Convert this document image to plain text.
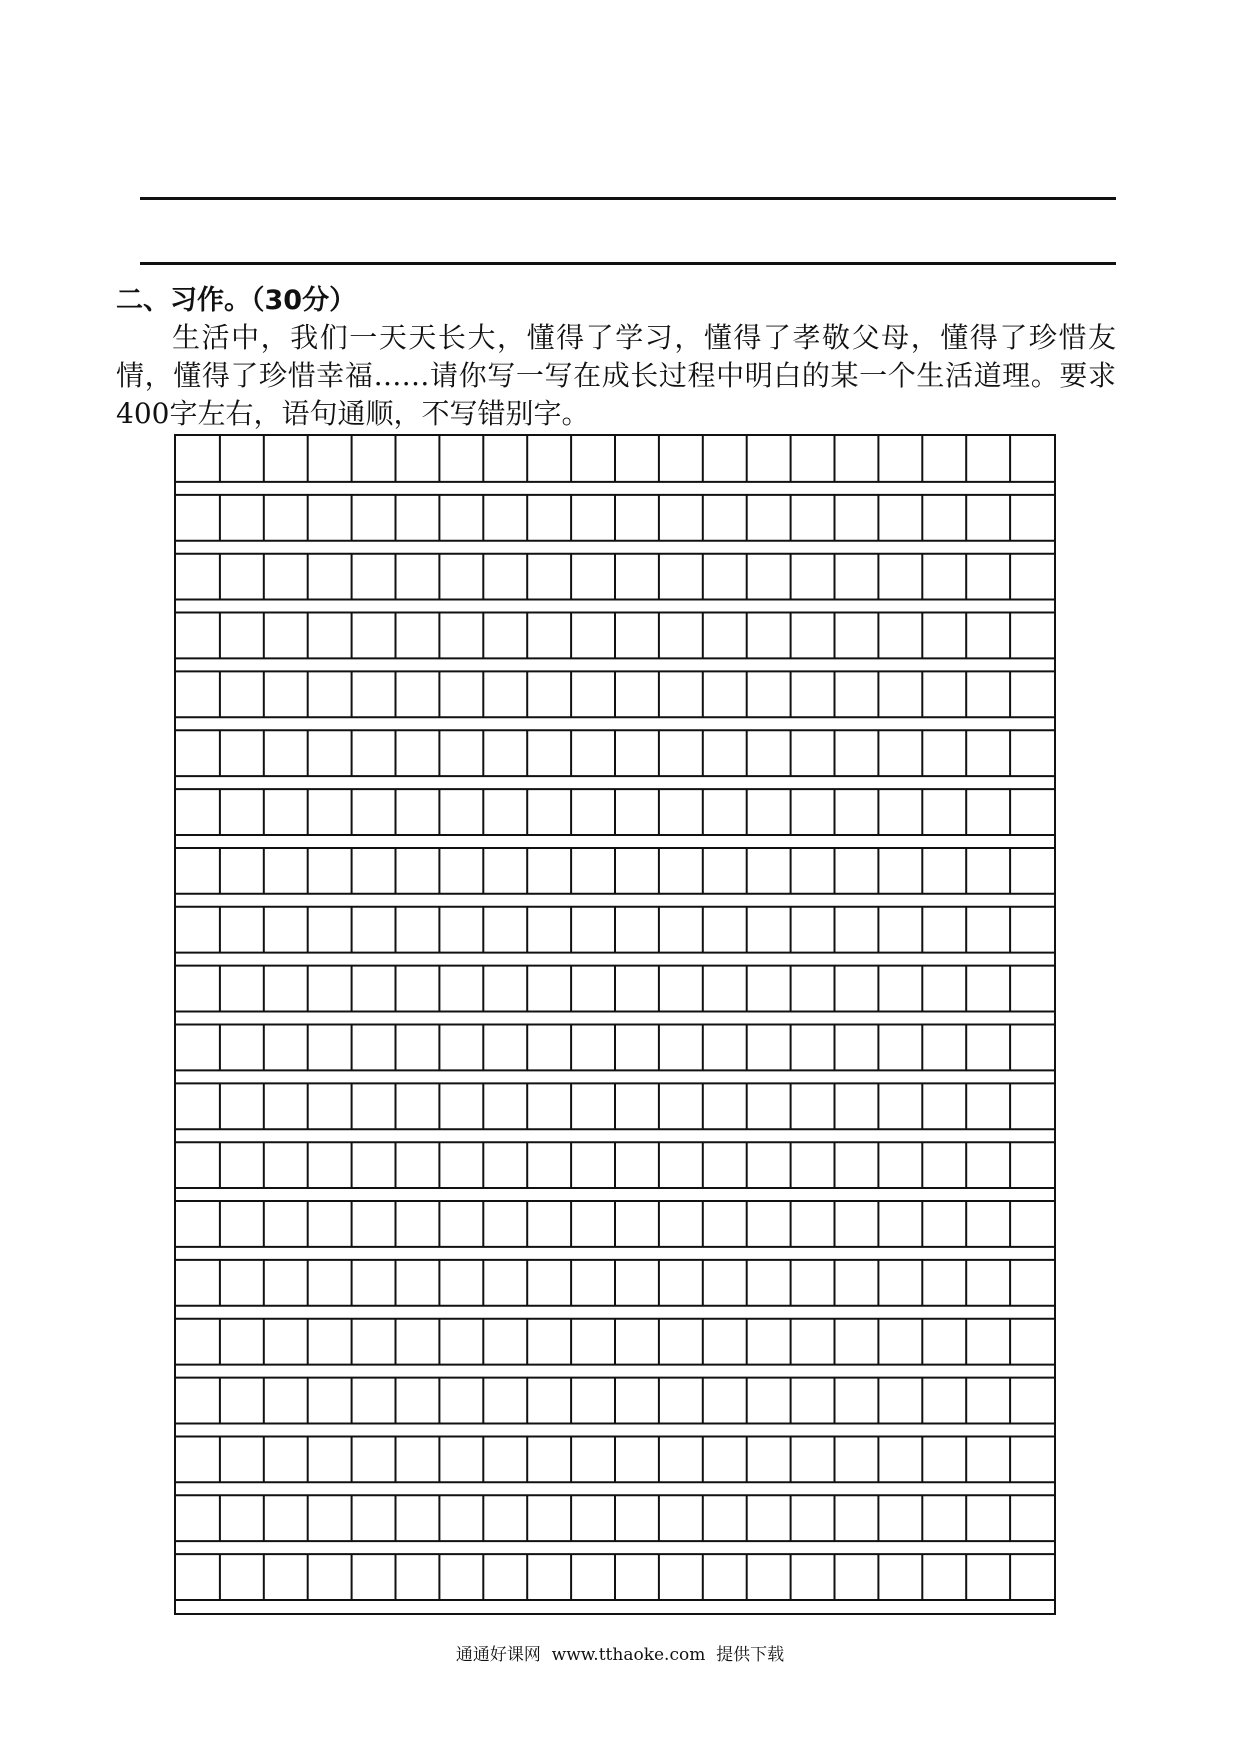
二、习作。（30分）

生活中，我们一天天长大，懂得了学习，懂得了孝敬父母，懂得了珍惜友情，懂得了珍惜幸福……请你写一写在成长过程中明白的某一个生活道理。要求400字左右，语句通顺，不写错别字。

通通好课网  www.tthaoke.com  提供下载
